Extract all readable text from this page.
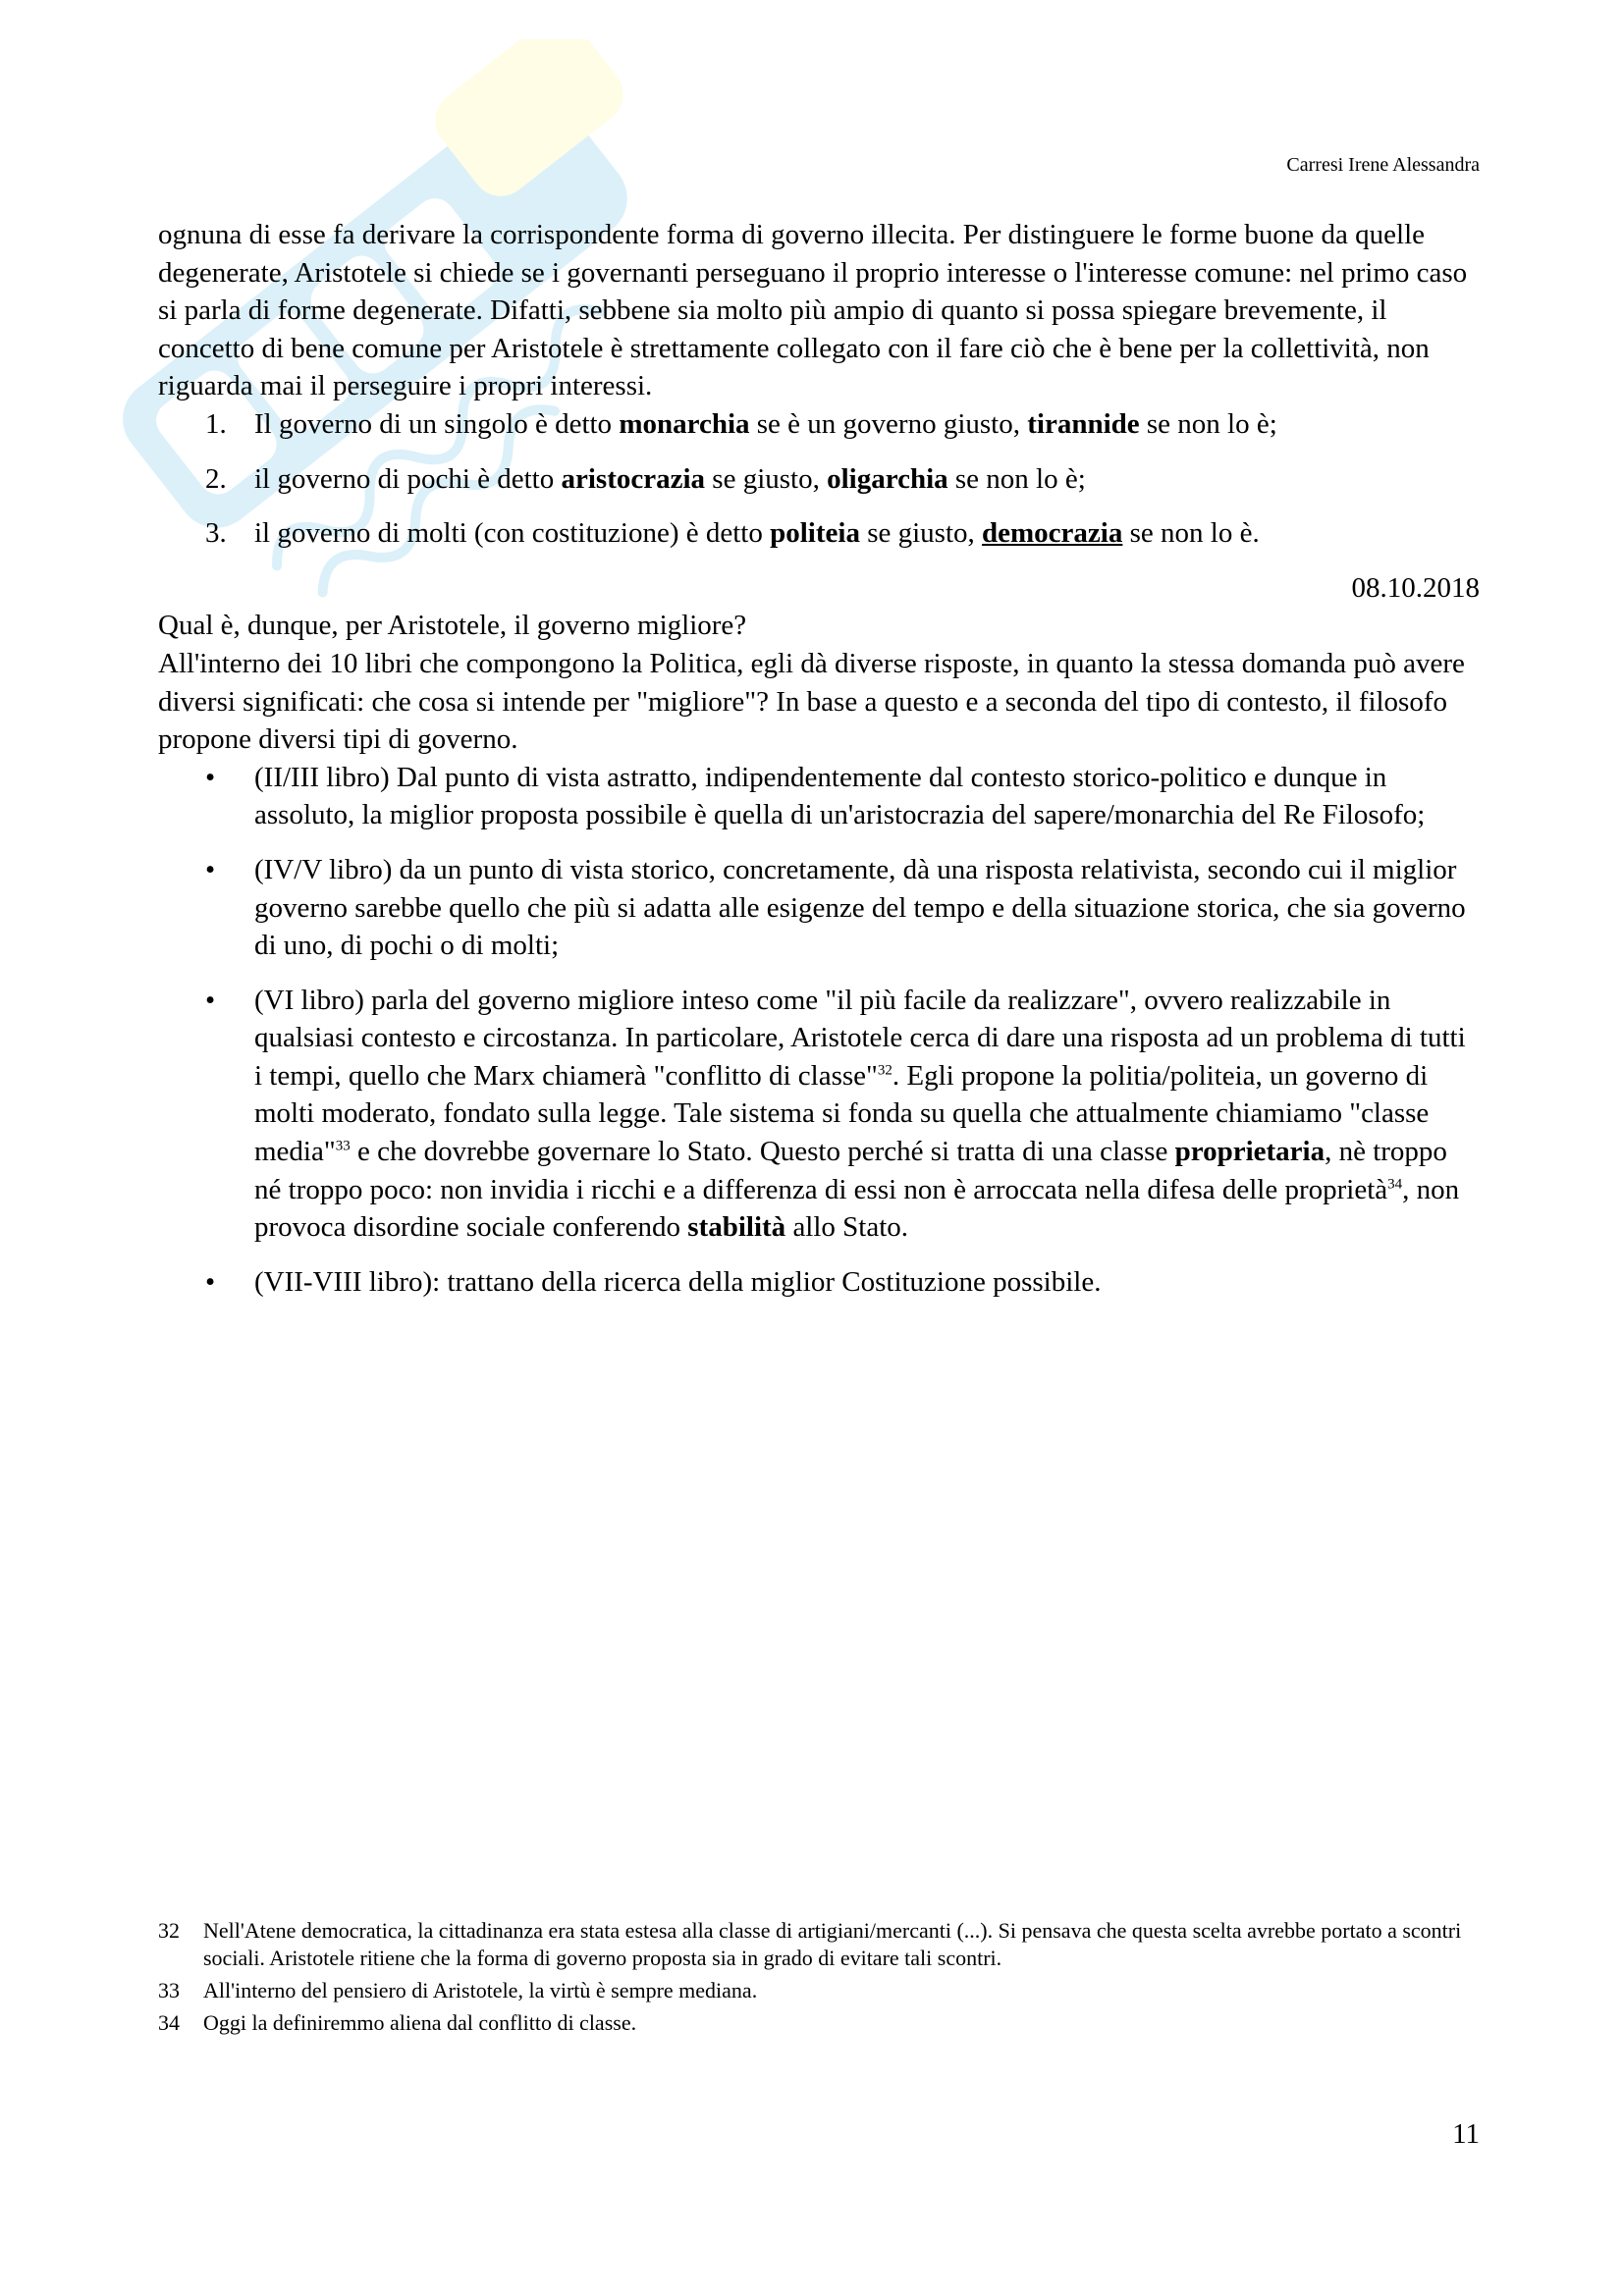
Carresi Irene Alessandra

ognuna di esse fa derivare la corrispondente forma di governo illecita. Per distinguere le forme buone da quelle degenerate, Aristotele si chiede se i governanti perseguano il proprio interesse o l'interesse comune: nel primo caso si parla di forme degenerate. Difatti, sebbene sia molto più ampio di quanto si possa spiegare brevemente, il concetto di bene comune per Aristotele è strettamente collegato con il fare ciò che è bene per la collettività, non riguarda mai il perseguire i propri interessi.

1. Il governo di un singolo è detto monarchia se è un governo giusto, tirannide se non lo è;
2. il governo di pochi è detto aristocrazia se giusto, oligarchia se non lo è;
3. il governo di molti (con costituzione) è detto politeia se giusto, democrazia se non lo è.

08.10.2018

Qual è, dunque, per Aristotele, il governo migliore?

All'interno dei 10 libri che compongono la Politica, egli dà diverse risposte, in quanto la stessa domanda può avere diversi significati: che cosa si intende per "migliore"? In base a questo e a seconda del tipo di contesto, il filosofo propone diversi tipi di governo.

• (II/III libro) Dal punto di vista astratto, indipendentemente dal contesto storico-politico e dunque in assoluto, la miglior proposta possibile è quella di un'aristocrazia del sapere/monarchia del Re Filosofo;
• (IV/V libro) da un punto di vista storico, concretamente, dà una risposta relativista, secondo cui il miglior governo sarebbe quello che più si adatta alle esigenze del tempo e della situazione storica, che sia governo di uno, di pochi o di molti;
• (VI libro) parla del governo migliore inteso come "il più facile da realizzare", ovvero realizzabile in qualsiasi contesto e circostanza. In particolare, Aristotele cerca di dare una risposta ad un problema di tutti i tempi, quello che Marx chiamerà "conflitto di classe"$^{32}$. Egli propone la politia/politeia, un governo di molti moderato, fondato sulla legge. Tale sistema si fonda su quella che attualmente chiamiamo "classe media"$^{33}$ e che dovrebbe governare lo Stato. Questo perché si tratta di una classe proprietaria, nè troppo né troppo poco: non invidia i ricchi e a differenza di essi non è arroccata nella difesa delle proprietà$^{34}$, non provoca disordine sociale conferendo stabilità allo Stato.
• (VII-VIII libro): trattano della ricerca della miglior Costituzione possibile.
32 Nell'Atene democratica, la cittadinanza era stata estesa alla classe di artigiani/mercanti (...). Si pensava che questa scelta avrebbe portato a scontri sociali. Aristotele ritiene che la forma di governo proposta sia in grado di evitare tali scontri.
33 All'interno del pensiero di Aristotele, la virtù è sempre mediana.
34 Oggi la definiremmo aliena dal conflitto di classe.
11
